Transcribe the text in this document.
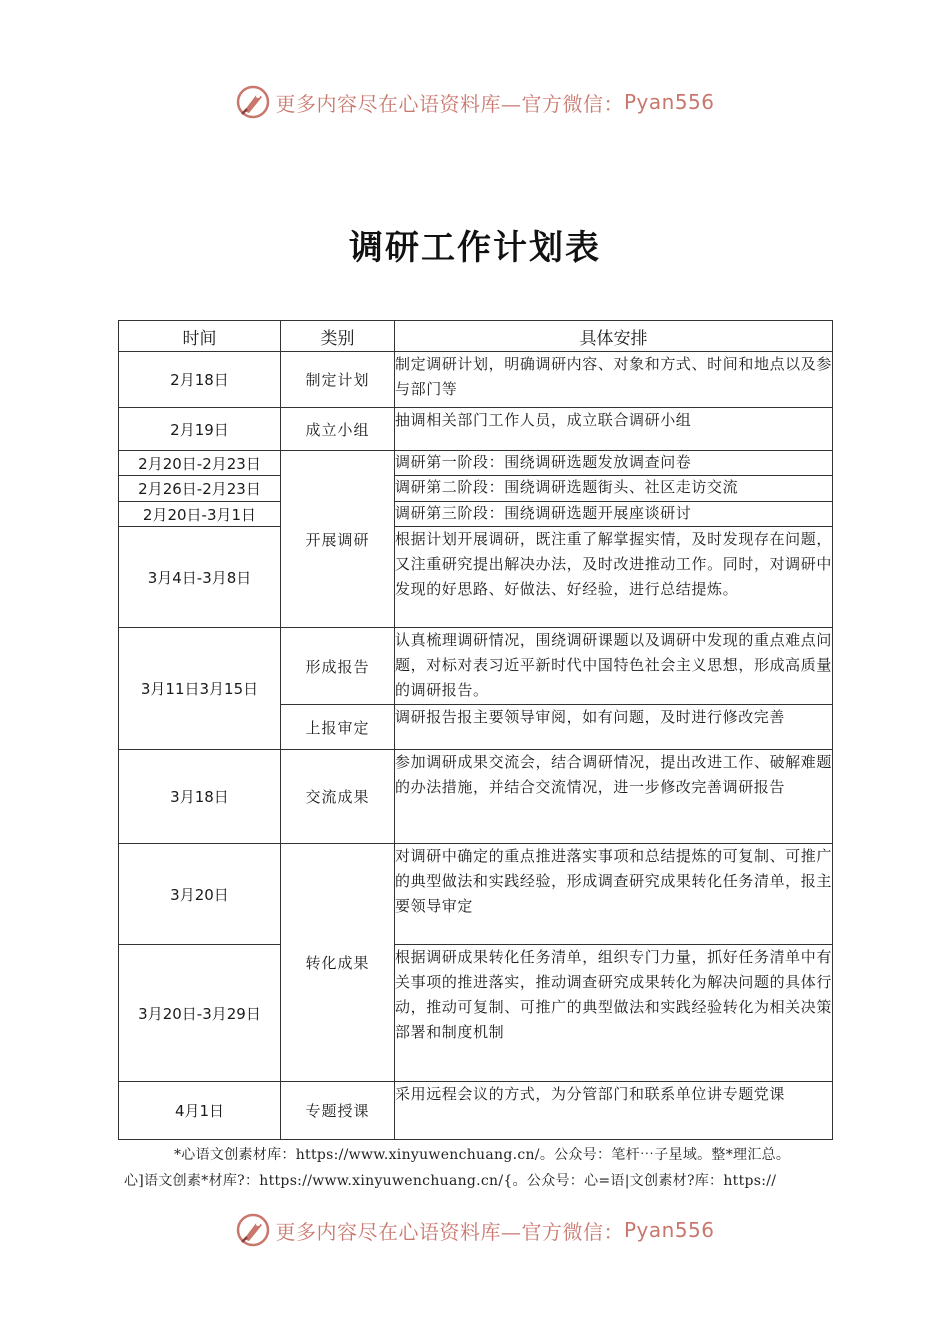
更多内容尽在心语资料库—官方微信： Pyan556
调研工作计划表
时间	类别	具体安排
2月18日	制定计划	制定调研计划，明确调研内容、对象和方式、时间和地点以及参与部门等
2月19日	成立小组	抽调相关部门工作人员，成立联合调研小组
2月20日-2月23日	开展调研	调研第一阶段：围绕调研选题发放调查问卷
2月26日-2月23日		调研第二阶段：围绕调研选题街头、社区走访交流
2月20日-3月1日		调研第三阶段：围绕调研选题开展座谈研讨
3月4日-3月8日		根据计划开展调研，既注重了解掌握实情，及时发现存在问题，又注重研究提出解决办法，及时改进推动工作。同时，对调研中发现的好思路、好做法、好经验，进行总结提炼。
3月11日3月15日	形成报告	认真梳理调研情况，围绕调研课题以及调研中发现的重点难点问题，对标对表习近平新时代中国特色社会主义思想，形成高质量的调研报告。
	上报审定	调研报告报主要领导审阅，如有问题，及时进行修改完善
3月18日	交流成果	参加调研成果交流会，结合调研情况，提出改进工作、破解难题的办法措施，并结合交流情况，进一步修改完善调研报告
3月20日	转化成果	对调研中确定的重点推进落实事项和总结提炼的可复制、可推广的典型做法和实践经验，形成调查研究成果转化任务清单，报主要领导审定
3月20日-3月29日		根据调研成果转化任务清单，组织专门力量，抓好任务清单中有关事项的推进落实，推动调查研究成果转化为解决问题的具体行动，推动可复制、可推广的典型做法和实践经验转化为相关决策部署和制度机制
4月1日	专题授课	采用远程会议的方式，为分管部门和联系单位讲专题党课
*心语文创素材库：https://www.xinyuwenchuang.cn/。公众号：笔杆⋯子星域。整*理汇总。
心]语文创素*材库?：https://www.xinyuwenchuang.cn/{。公众号：心=语|文创素材?库：https://
更多内容尽在心语资料库—官方微信： Pyan556
